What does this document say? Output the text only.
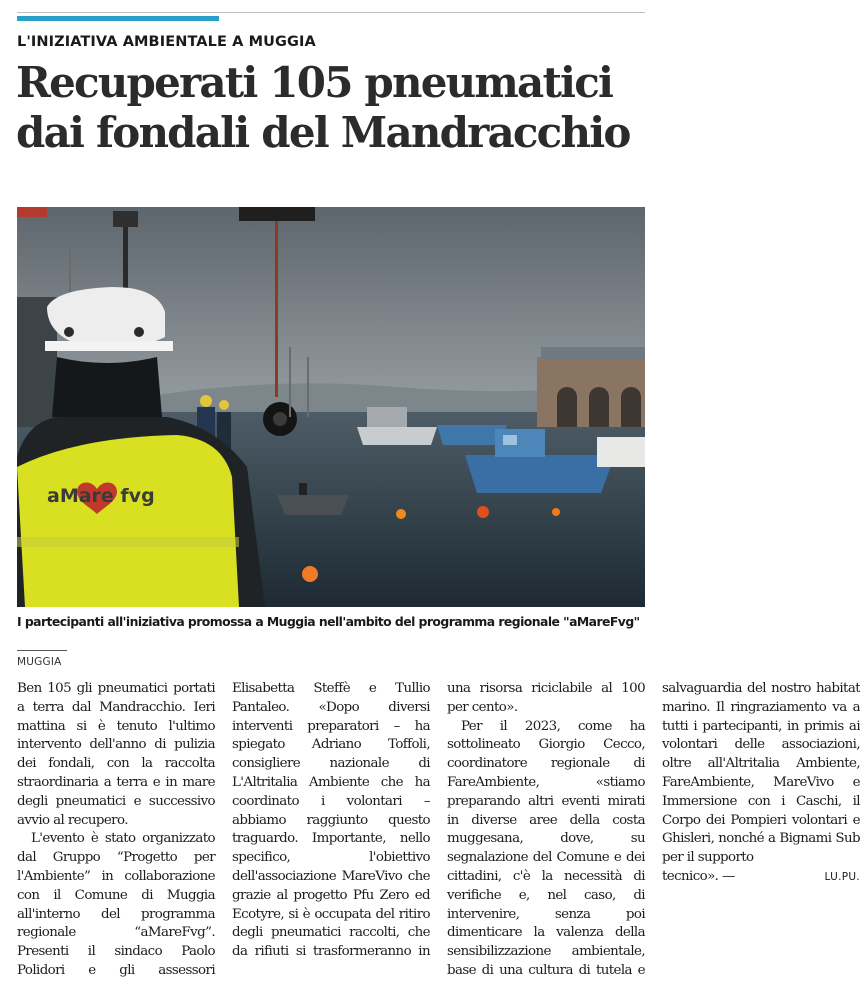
L'INIZIATIVA AMBIENTALE A MUGGIA
Recuperati 105 pneumatici
dai fondali del Mandracchio
aMare fvg
I partecipanti all'iniziativa promossa a Muggia nell'ambito del programma regionale "aMareFvg"
MUGGIA

Ben 105 gli pneumatici portati a terra dal Mandracchio. Ieri mattina si è tenuto l'ultimo intervento dell'anno di pulizia dei fondali, con la raccolta straordinaria a terra e in mare degli pneumatici e successivo avvio al recupero.

L'evento è stato organizzato dal Gruppo “Progetto per l'Ambiente” in collaborazione con il Comune di Muggia all'interno del programma regionale “aMareFvg”. Presenti il sindaco Paolo Polidori e gli assessori Elisabetta Steffè e Tullio Pantaleo. «Dopo diversi interventi preparatori – ha spiegato Adriano Toffoli, consigliere nazionale di L'Altritalia Ambiente che ha coordinato i volontari – abbiamo raggiunto questo traguardo. Importante, nello specifico, l'obiettivo dell'associazione MareVivo che grazie al progetto Pfu Zero ed Ecotyre, si è occupata del ritiro degli pneumatici raccolti, che da rifiuti si trasformeranno in una risorsa riciclabile al 100 per cento».

Per il 2023, come ha sottolineato Giorgio Cecco, coordinatore regionale di FareAmbiente, «stiamo preparando altri eventi mirati in diverse aree della costa muggesana, dove, su segnalazione del Comune e dei cittadini, c'è la necessità di verifiche e, nel caso, di intervenire, senza poi dimenticare la valenza della sensibilizzazione ambientale, base di una cultura di tutela e salvaguardia del nostro habitat marino. Il ringraziamento va a tutti i partecipanti, in primis ai volontari delle associazioni, oltre all'Altritalia Ambiente, FareAmbiente, MareVivo e Immersione con i Caschi, il Corpo dei Pompieri volontari e Ghisleri, nonché a Bignami Sub per il supporto

tecnico». —	LU.PU.
